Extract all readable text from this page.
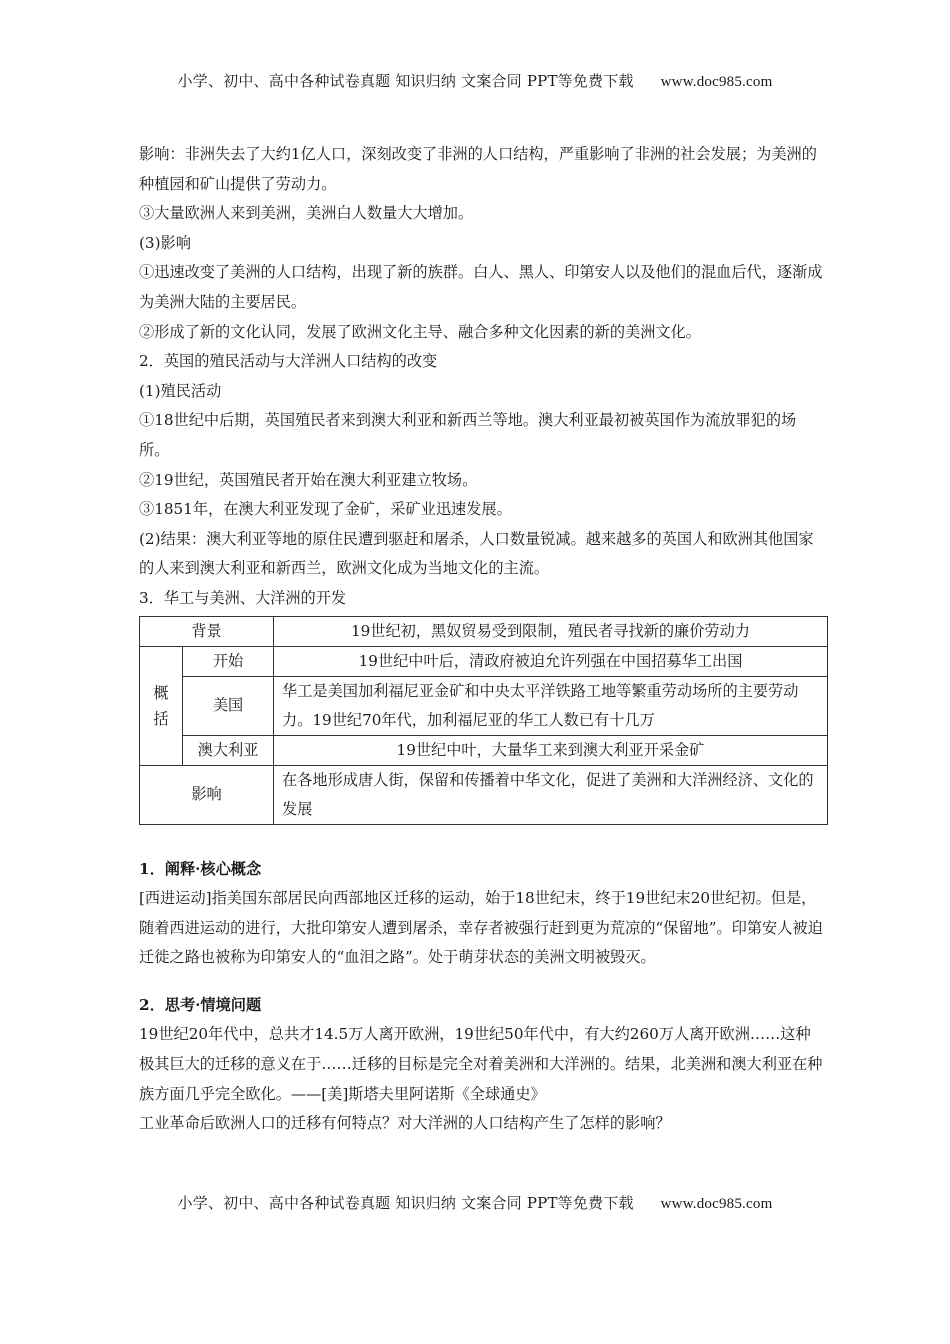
小学、初中、高中各种试卷真题 知识归纳 文案合同 PPT等免费下载 www.doc985.com

影响：非洲失去了大约1亿人口，深刻改变了非洲的人口结构，严重影响了非洲的社会发展；为美洲的种植园和矿山提供了劳动力。

③大量欧洲人来到美洲，美洲白人数量大大增加。

(3)影响

①迅速改变了美洲的人口结构，出现了新的族群。白人、黑人、印第安人以及他们的混血后代，逐渐成为美洲大陆的主要居民。

②形成了新的文化认同，发展了欧洲文化主导、融合多种文化因素的新的美洲文化。

2．英国的殖民活动与大洋洲人口结构的改变

(1)殖民活动

①18世纪中后期，英国殖民者来到澳大利亚和新西兰等地。澳大利亚最初被英国作为流放罪犯的场所。

②19世纪，英国殖民者开始在澳大利亚建立牧场。

③1851年，在澳大利亚发现了金矿，采矿业迅速发展。

(2)结果：澳大利亚等地的原住民遭到驱赶和屠杀，人口数量锐减。越来越多的英国人和欧洲其他国家的人来到澳大利亚和新西兰，欧洲文化成为当地文化的主流。

3．华工与美洲、大洋洲的开发

背景		19世纪初，黑奴贸易受到限制，殖民者寻找新的廉价劳动力
概
括	开始	19世纪中叶后，清政府被迫允许列强在中国招募华工出国
	美国	华工是美国加利福尼亚金矿和中央太平洋铁路工地等繁重劳动场所的主要劳动力。19世纪70年代，加利福尼亚的华工人数已有十几万
	澳大利亚	19世纪中叶，大量华工来到澳大利亚开采金矿
影响		在各地形成唐人街，保留和传播着中华文化，促进了美洲和大洋洲经济、文化的发展

1．阐释·核心概念

[西进运动]指美国东部居民向西部地区迁移的运动，始于18世纪末，终于19世纪末20世纪初。但是，随着西进运动的进行，大批印第安人遭到屠杀，幸存者被强行赶到更为荒凉的“保留地”。印第安人被迫迁徙之路也被称为印第安人的“血泪之路”。处于萌芽状态的美洲文明被毁灭。

2．思考·情境问题

19世纪20年代中，总共才14.5万人离开欧洲，19世纪50年代中，有大约260万人离开欧洲……这种极其巨大的迁移的意义在于……迁移的目标是完全对着美洲和大洋洲的。结果，北美洲和澳大利亚在种族方面几乎完全欧化。——[美]斯塔夫里阿诺斯《全球通史》

工业革命后欧洲人口的迁移有何特点？对大洋洲的人口结构产生了怎样的影响？

小学、初中、高中各种试卷真题 知识归纳 文案合同 PPT等免费下载 www.doc985.com
